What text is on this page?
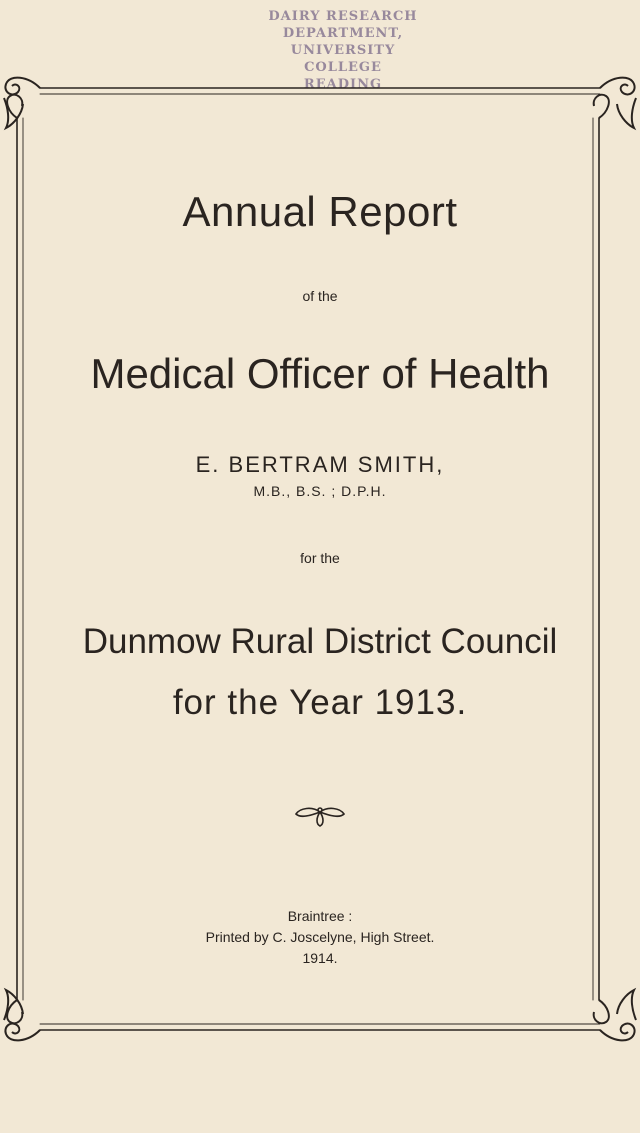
DAIRY RESEARCH
DEPARTMENT,
UNIVERSITY COLLEGE
READING
Annual Report
of the
Medical Officer of Health
E. BERTRAM SMITH,
M.B., B.S. ; D.P.H.
for the
Dunmow Rural District Council
for the Year 1913.
Braintree :
Printed by C. Joscelyne, High Street.
1914.
